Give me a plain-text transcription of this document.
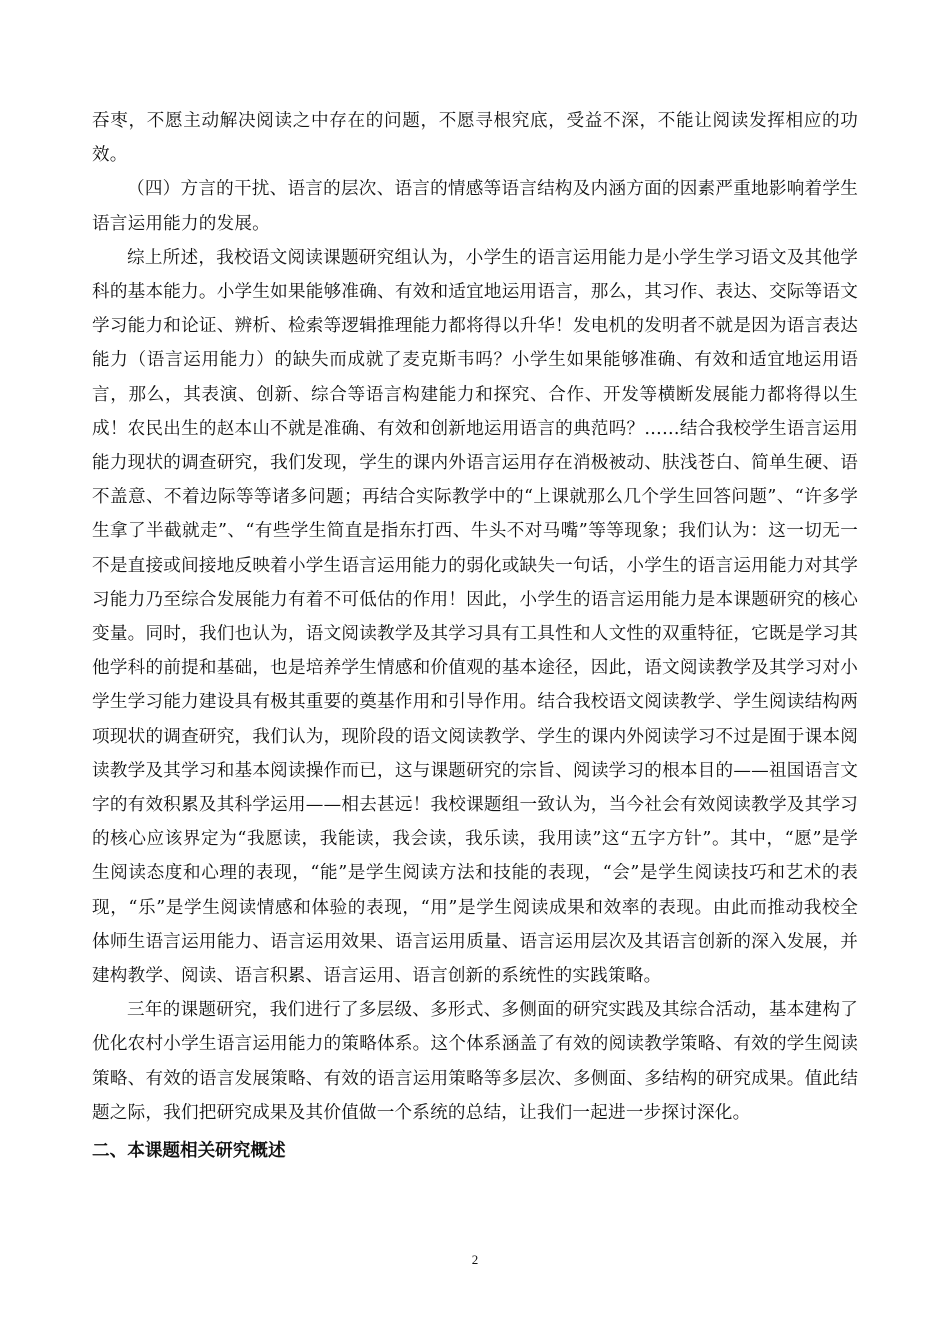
吞枣，不愿主动解决阅读之中存在的问题，不愿寻根究底，受益不深，不能让阅读发挥相应的功效。

（四）方言的干扰、语言的层次、语言的情感等语言结构及内涵方面的因素严重地影响着学生语言运用能力的发展。

综上所述，我校语文阅读课题研究组认为，小学生的语言运用能力是小学生学习语文及其他学科的基本能力。小学生如果能够准确、有效和适宜地运用语言，那么，其习作、表达、交际等语文学习能力和论证、辨析、检索等逻辑推理能力都将得以升华！发电机的发明者不就是因为语言表达能力（语言运用能力）的缺失而成就了麦克斯韦吗？小学生如果能够准确、有效和适宜地运用语言，那么，其表演、创新、综合等语言构建能力和探究、合作、开发等横断发展能力都将得以生成！农民出生的赵本山不就是准确、有效和创新地运用语言的典范吗？……结合我校学生语言运用能力现状的调查研究，我们发现，学生的课内外语言运用存在消极被动、肤浅苍白、简单生硬、语不盖意、不着边际等等诸多问题；再结合实际教学中的“上课就那么几个学生回答问题”、“许多学生拿了半截就走”、“有些学生简直是指东打西、牛头不对马嘴”等等现象；我们认为：这一切无一不是直接或间接地反映着小学生语言运用能力的弱化或缺失一句话，小学生的语言运用能力对其学习能力乃至综合发展能力有着不可低估的作用！因此，小学生的语言运用能力是本课题研究的核心变量。同时，我们也认为，语文阅读教学及其学习具有工具性和人文性的双重特征，它既是学习其他学科的前提和基础，也是培养学生情感和价值观的基本途径，因此，语文阅读教学及其学习对小学生学习能力建设具有极其重要的奠基作用和引导作用。结合我校语文阅读教学、学生阅读结构两项现状的调查研究，我们认为，现阶段的语文阅读教学、学生的课内外阅读学习不过是囿于课本阅读教学及其学习和基本阅读操作而已，这与课题研究的宗旨、阅读学习的根本目的——祖国语言文字的有效积累及其科学运用——相去甚远！我校课题组一致认为，当今社会有效阅读教学及其学习的核心应该界定为“我愿读，我能读，我会读，我乐读，我用读”这“五字方针”。其中，“愿”是学生阅读态度和心理的表现，“能”是学生阅读方法和技能的表现，“会”是学生阅读技巧和艺术的表现，“乐”是学生阅读情感和体验的表现，“用”是学生阅读成果和效率的表现。由此而推动我校全体师生语言运用能力、语言运用效果、语言运用质量、语言运用层次及其语言创新的深入发展，并建构教学、阅读、语言积累、语言运用、语言创新的系统性的实践策略。

三年的课题研究，我们进行了多层级、多形式、多侧面的研究实践及其综合活动，基本建构了优化农村小学生语言运用能力的策略体系。这个体系涵盖了有效的阅读教学策略、有效的学生阅读策略、有效的语言发展策略、有效的语言运用策略等多层次、多侧面、多结构的研究成果。值此结题之际，我们把研究成果及其价值做一个系统的总结，让我们一起进一步探讨深化。

二、本课题相关研究概述

2
